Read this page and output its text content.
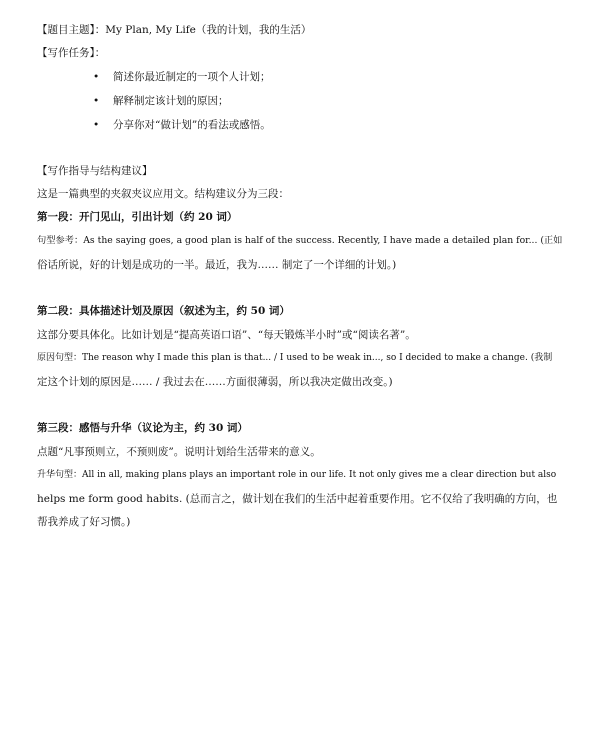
【题目主题】：My Plan, My Life（我的计划，我的生活）
【写作任务】：
• 简述你最近制定的一项个人计划；
• 解释制定该计划的原因；
• 分享你对“做计划”的看法或感悟。
【写作指导与结构建议】
这是一篇典型的夹叙夹议应用文。结构建议分为三段：
第一段：开门见山，引出计划（约 20 词）
句型参考：As the saying goes, a good plan is half of the success. Recently, I have made a detailed plan for... (正如
俗话所说，好的计划是成功的一半。最近，我为…… 制定了一个详细的计划。)
第二段：具体描述计划及原因（叙述为主，约 50 词）
这部分要具体化。比如计划是“提高英语口语”、“每天锻炼半小时”或“阅读名著”。
原因句型：The reason why I made this plan is that... / I used to be weak in..., so I decided to make a change. (我制
定这个计划的原因是…… / 我过去在……方面很薄弱，所以我决定做出改变。)
第三段：感悟与升华（议论为主，约 30 词）
点题“凡事预则立，不预则废”。说明计划给生活带来的意义。
升华句型：All in all, making plans plays an important role in our life. It not only gives me a clear direction but also
helps me form good habits. (总而言之，做计划在我们的生活中起着重要作用。它不仅给了我明确的方向，也
帮我养成了好习惯。)
